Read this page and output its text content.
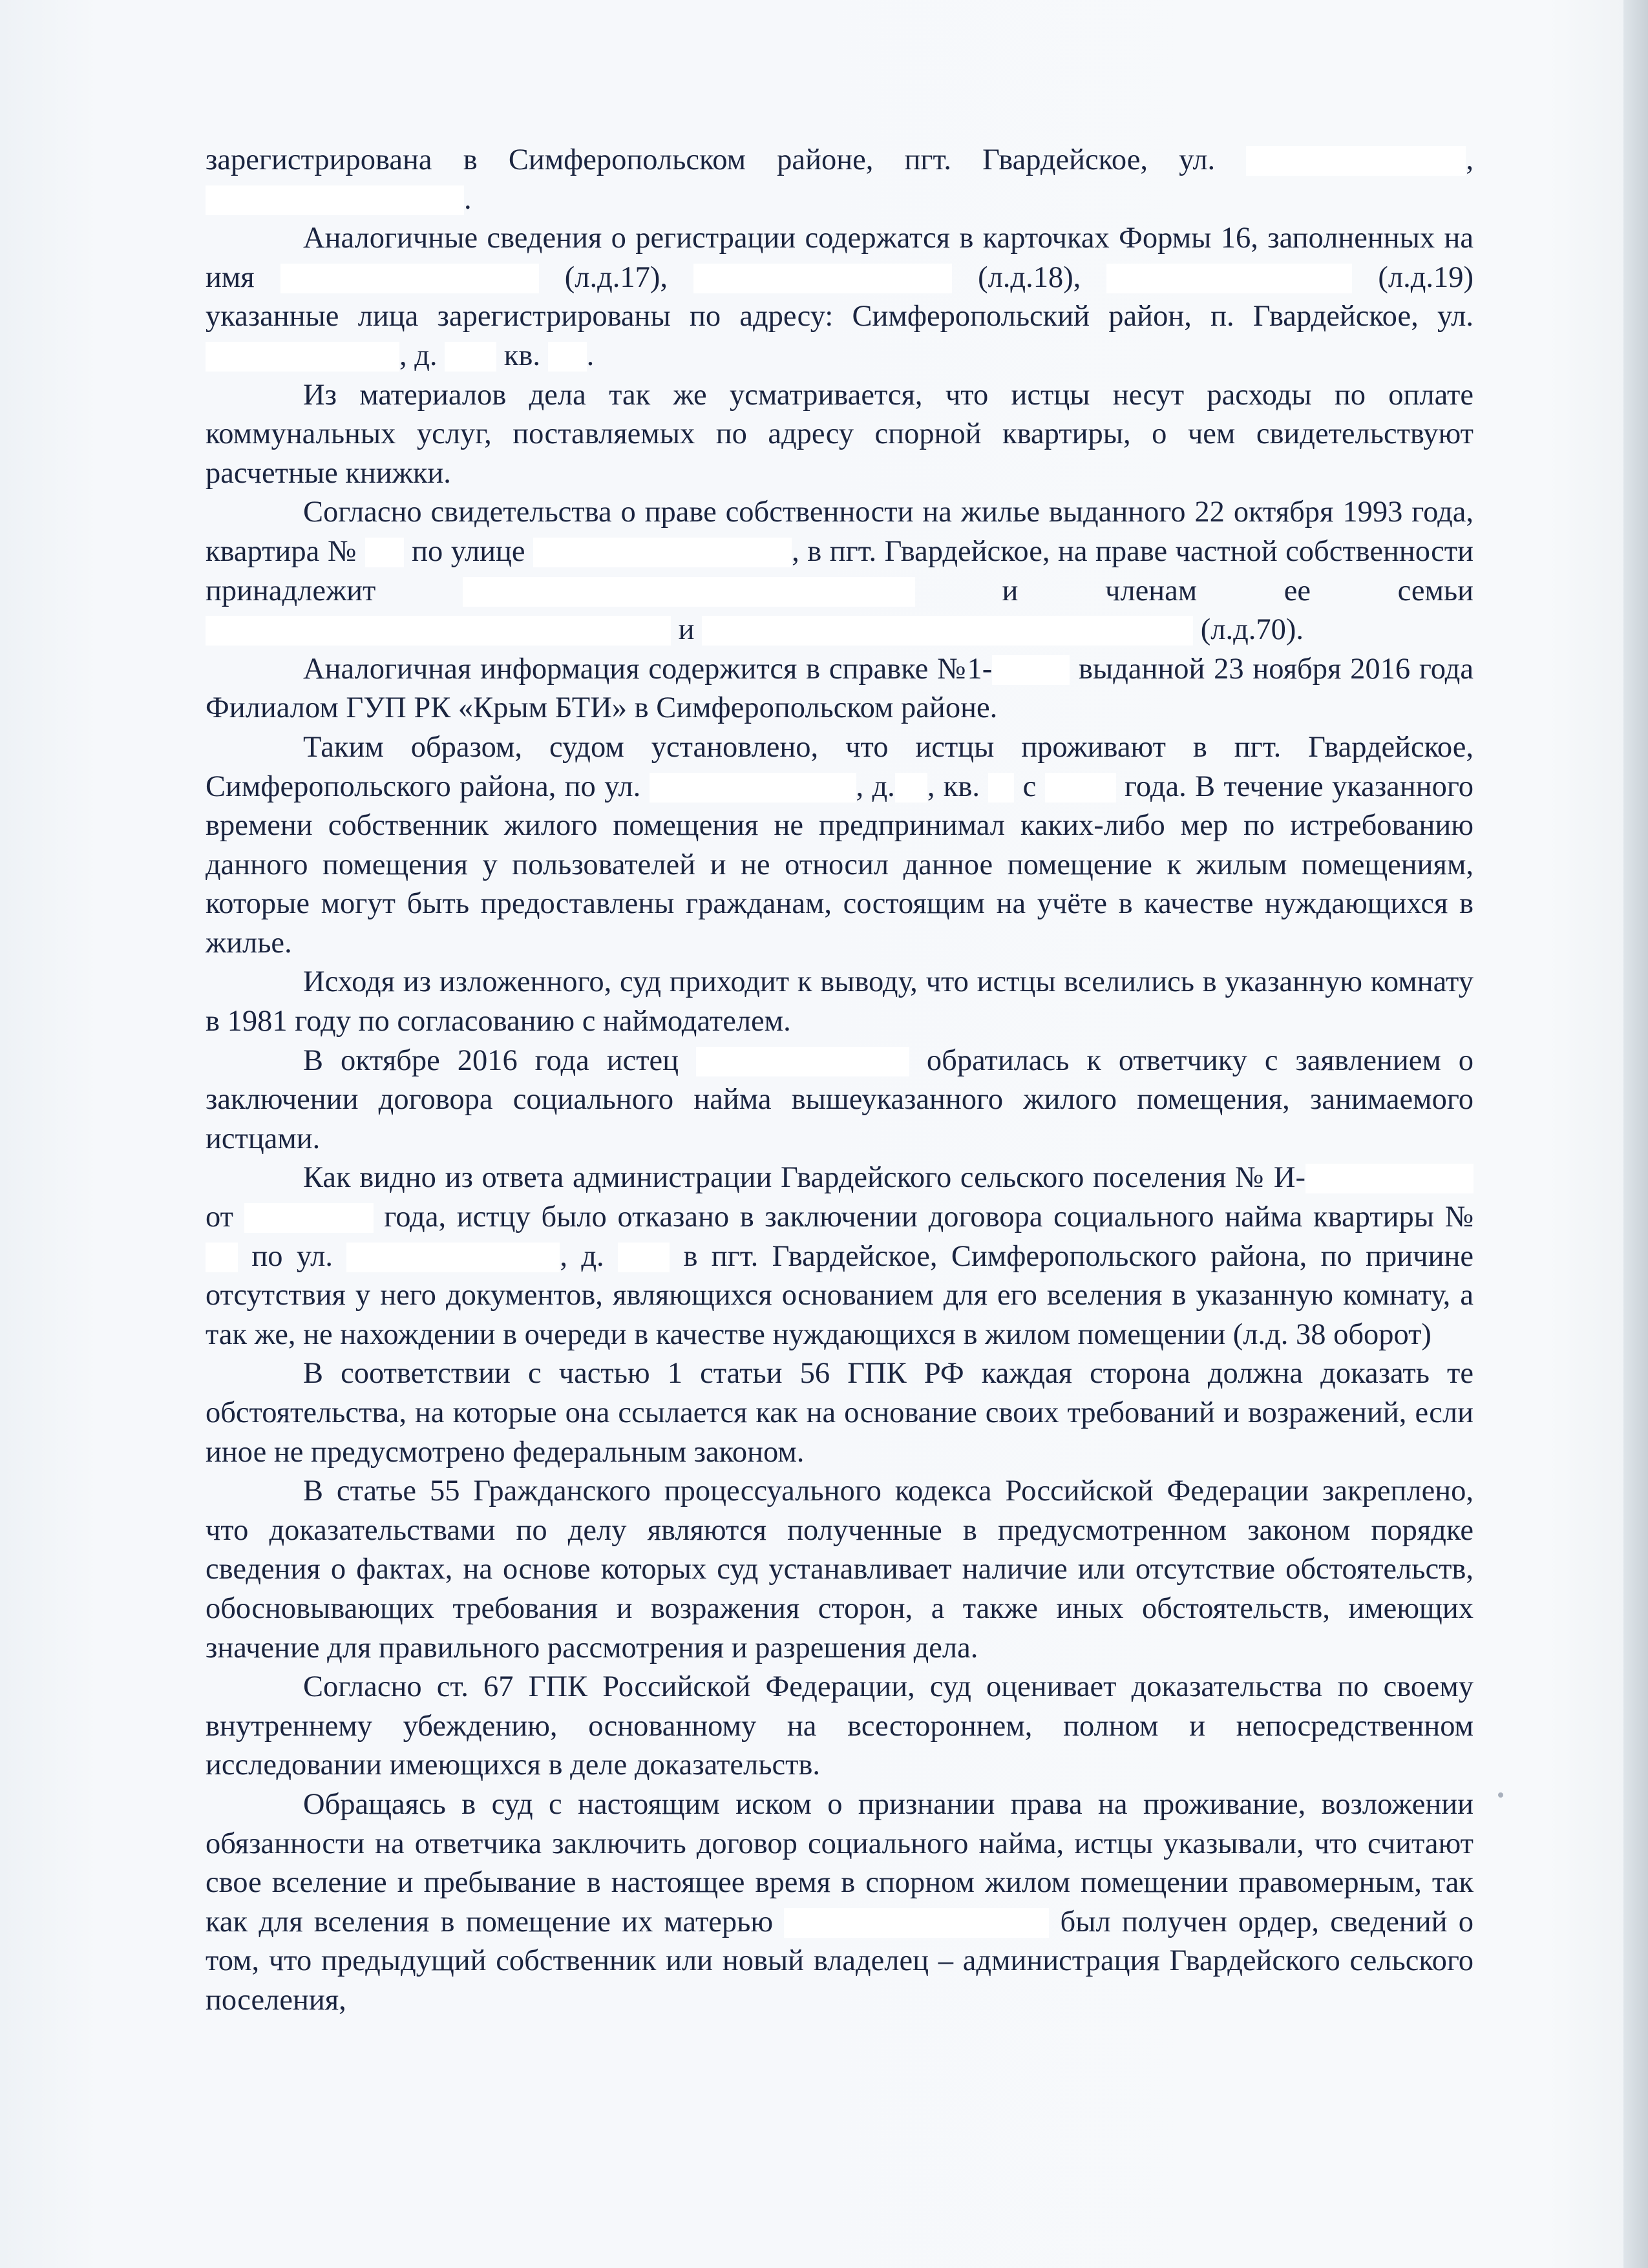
зарегистрирована в Симферопольском районе, пгт. Гвардейское, ул.	, .

Аналогичные сведения о регистрации содержатся в карточках Формы 16, заполненных на имя	(л.д.17),	(л.д.18),	(л.д.19) указанные лица зарегистрированы по адресу: Симферопольский район, п. Гвардейское, ул. , д.  кв. .

Из материалов дела так же усматривается, что истцы несут расходы по оплате коммунальных услуг, поставляемых по адресу спорной квартиры, о чем свидетельствуют расчетные книжки.

Согласно свидетельства о праве собственности на жилье выданного 22 октября 1993 года, квартира №  по улице	, в пгт. Гвардейское, на праве частной собственности принадлежит	и членам ее семьи  и	(л.д.70).

Аналогичная информация содержится в справке №1-	выданной 23 ноября 2016 года Филиалом ГУП РК «Крым БТИ» в Симферопольском районе.

Таким образом, судом установлено, что истцы проживают в пгт. Гвардейское, Симферопольского района, по ул.	, д. , кв.  с  года. В течение указанного времени собственник жилого помещения не предпринимал каких-либо мер по истребованию данного помещения у пользователей и не относил данное помещение к жилым помещениям, которые могут быть предоставлены гражданам, состоящим на учёте в качестве нуждающихся в жилье.

Исходя из изложенного, суд приходит к выводу, что истцы вселились в указанную комнату в 1981 году по согласованию с наймодателем.

В октябре 2016 года истец	обратилась к ответчику с заявлением о заключении договора социального найма вышеуказанного жилого помещения, занимаемого истцами.

Как видно из ответа администрации Гвардейского сельского поселения № И- от	года, истцу было отказано в заключении договора социального найма квартиры №  по ул.	, д.  в пгт. Гвардейское, Симферопольского района, по причине отсутствия у него документов, являющихся основанием для его вселения в указанную комнату, а так же, не нахождении в очереди в качестве нуждающихся в жилом помещении (л.д. 38 оборот)

В соответствии с частью 1 статьи 56 ГПК РФ каждая сторона должна доказать те обстоятельства, на которые она ссылается как на основание своих требований и возражений, если иное не предусмотрено федеральным законом.

В статье 55 Гражданского процессуального кодекса Российской Федерации закреплено, что доказательствами по делу являются полученные в предусмотренном законом порядке сведения о фактах, на основе которых суд устанавливает наличие или отсутствие обстоятельств, обосновывающих требования и возражения сторон, а также иных обстоятельств, имеющих значение для правильного рассмотрения и разрешения дела.

Согласно ст. 67 ГПК Российской Федерации, суд оценивает доказательства по своему внутреннему убеждению, основанному на всестороннем, полном и непосредственном исследовании имеющихся в деле доказательств.

Обращаясь в суд с настоящим иском о признании права на проживание, возложении обязанности на ответчика заключить договор социального найма, истцы указывали, что считают свое вселение и пребывание в настоящее время в спорном жилом помещении правомерным, так как для вселения в помещение их матерью	был получен ордер, сведений о том, что предыдущий собственник или новый владелец – администрация Гвардейского сельского поселения,
